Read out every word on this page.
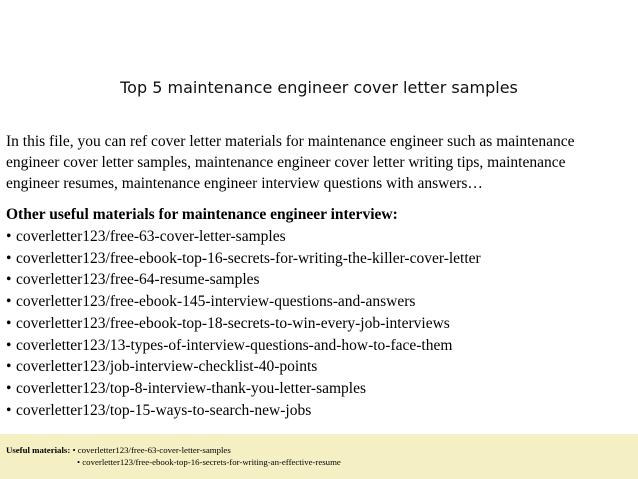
Top 5 maintenance engineer cover letter samples
In this file, you can ref cover letter materials for maintenance engineer such as maintenance
engineer cover letter samples, maintenance engineer cover letter writing tips, maintenance
engineer resumes, maintenance engineer interview questions with answers…
Other useful materials for maintenance engineer interview:
• coverletter123/free-63-cover-letter-samples
• coverletter123/free-ebook-top-16-secrets-for-writing-the-killer-cover-letter
• coverletter123/free-64-resume-samples
• coverletter123/free-ebook-145-interview-questions-and-answers
• coverletter123/free-ebook-top-18-secrets-to-win-every-job-interviews
• coverletter123/13-types-of-interview-questions-and-how-to-face-them
• coverletter123/job-interview-checklist-40-points
• coverletter123/top-8-interview-thank-you-letter-samples
• coverletter123/top-15-ways-to-search-new-jobs
Useful materials: • coverletter123/free-63-cover-letter-samples
• coverletter123/free-ebook-top-16-secrets-for-writing-an-effective-resume
